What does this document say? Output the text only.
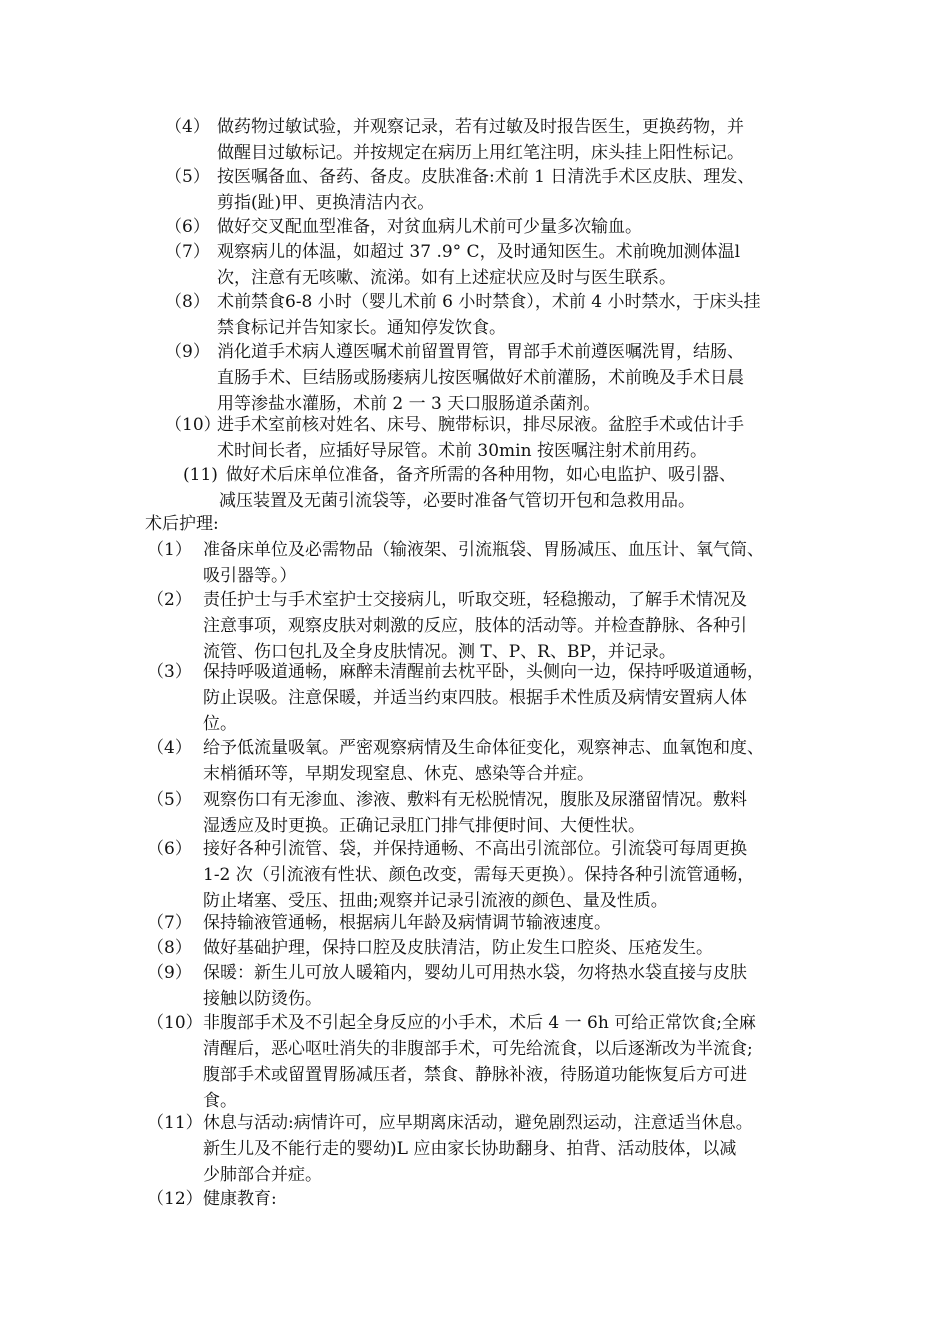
（4） 做药物过敏试验，并观察记录，若有过敏及时报告医生，更换药物，并
做醒目过敏标记。并按规定在病历上用红笔注明，床头挂上阳性标记。
（5） 按医嘱备血、备药、备皮。皮肤准备:术前 1 日清洗手术区皮肤、理发、
剪指(趾)甲、更换清洁内衣。
（6） 做好交叉配血型准备，对贫血病儿术前可少量多次输血。
（7） 观察病儿的体温，如超过 37 .9° C，及时通知医生。术前晚加测体温l
次，注意有无咳嗽、流涕。如有上述症状应及时与医生联系。
（8） 术前禁食6-8 小时（婴儿术前 6 小时禁食），术前 4 小时禁水，于床头挂
禁食标记并告知家长。通知停发饮食。
（9） 消化道手术病人遵医嘱术前留置胃管，胃部手术前遵医嘱洗胃，结肠、
直肠手术、巨结肠或肠瘘病儿按医嘱做好术前灌肠，术前晚及手术日晨
用等渗盐水灌肠，术前 2 一 3 天口服肠道杀菌剂。
（10）
进手术室前核对姓名、床号、腕带标识，排尽尿液。盆腔手术或估计手
术时间长者，应插好导尿管。术前 30min 按医嘱注射术前用药。
(11) 做好术后床单位准备，备齐所需的各种用物，如心电监护、吸引器、
减压装置及无菌引流袋等，必要时准备气管切开包和急救用品。
术后护理:
（1） 准备床单位及必需物品（输液架、引流瓶袋、胃肠减压、血压计、氧气筒、
吸引器等。）
（2） 责任护士与手术室护士交接病儿，听取交班，轻稳搬动，了解手术情况及
注意事项，观察皮肤对刺激的反应，肢体的活动等。并检查静脉、各种引
流管、伤口包扎及全身皮肤情况。测 T、P、R、BP，并记录。
（3） 保持呼吸道通畅，麻醉未清醒前去枕平卧，头侧向一边，保持呼吸道通畅，
防止误吸。注意保暖，并适当约束四肢。根据手术性质及病情安置病人体
位。
（4） 给予低流量吸氧。严密观察病情及生命体征变化，观察神志、血氧饱和度、
末梢循环等，早期发现窒息、休克、感染等合并症。
（5） 观察伤口有无渗血、渗液、敷料有无松脱情况，腹胀及尿潴留情况。敷料
湿透应及时更换。正确记录肛门排气排便时间、大便性状。
（6） 接好各种引流管、袋，并保持通畅、不高出引流部位。引流袋可每周更换
1-2 次（引流液有性状、颜色改变，需每天更换）。保持各种引流管通畅，
防止堵塞、受压、扭曲;观察并记录引流液的颜色、量及性质。
（7） 保持输液管通畅，根据病儿年龄及病情调节输液速度。
（8） 做好基础护理，保持口腔及皮肤清洁，防止发生口腔炎、压疮发生。
（9） 保暖：新生儿可放人暖箱内，婴幼儿可用热水袋，勿将热水袋直接与皮肤
接触以防烫伤。
（10） 非腹部手术及不引起全身反应的小手术，术后 4 一 6h 可给正常饮食;全麻
清醒后，恶心呕吐消失的非腹部手术，可先给流食，以后逐渐改为半流食;
腹部手术或留置胃肠减压者，禁食、静脉补液，待肠道功能恢复后方可进
食。
（11） 休息与活动:病情许可，应早期离床活动，避免剧烈运动，注意适当休息。
新生儿及不能行走的婴幼)L 应由家长协助翻身、拍背、活动肢体，以减
少肺部合并症。
（12） 健康教育:
